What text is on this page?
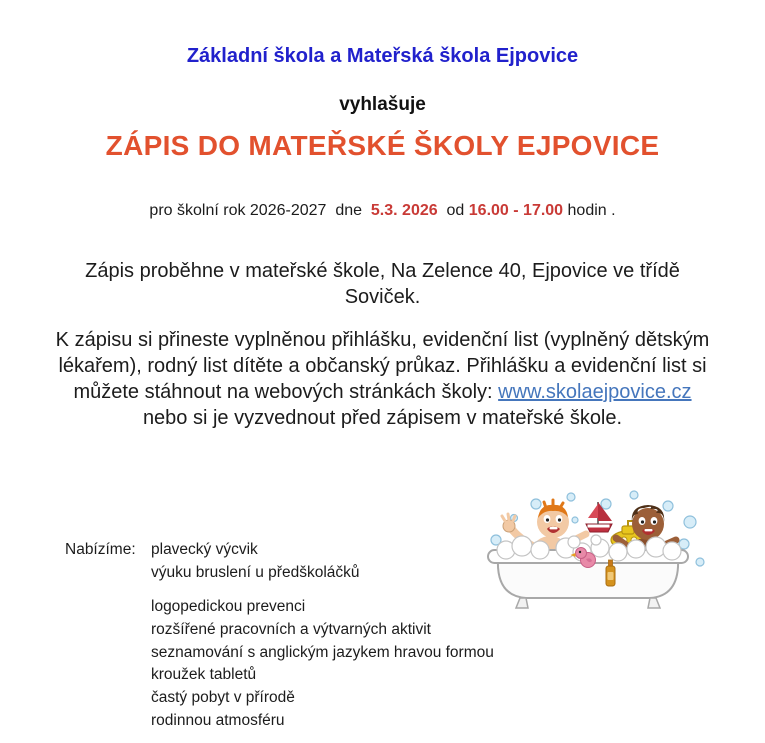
Základní škola a Mateřská škola Ejpovice
vyhlašuje
ZÁPIS DO MATEŘSKÉ ŠKOLY EJPOVICE
pro školní rok 2026-2027  dne  5.3. 2026  od 16.00 - 17.00 hodin .
Zápis proběhne v mateřské škole, Na Zelence 40, Ejpovice ve třídě Soviček.
K zápisu si přineste vyplněnou přihlášku, evidenční list (vyplněný dětským lékařem), rodný list dítěte a občanský průkaz. Přihlášku a evidenční list si můžete stáhnout na webových stránkách školy: www.skolaejpovice.cz nebo si je vyzvednout před zápisem v mateřské škole.
Nabízíme: plavecký výcvik
výuku bruslení u předškoláčků
logopedickou prevenci
rozšířené pracovních a výtvarných aktivit
seznamování s anglickým jazykem hravou formou
kroužek tabletů
častý pobyt v přírodě
rodinnou atmosféru
